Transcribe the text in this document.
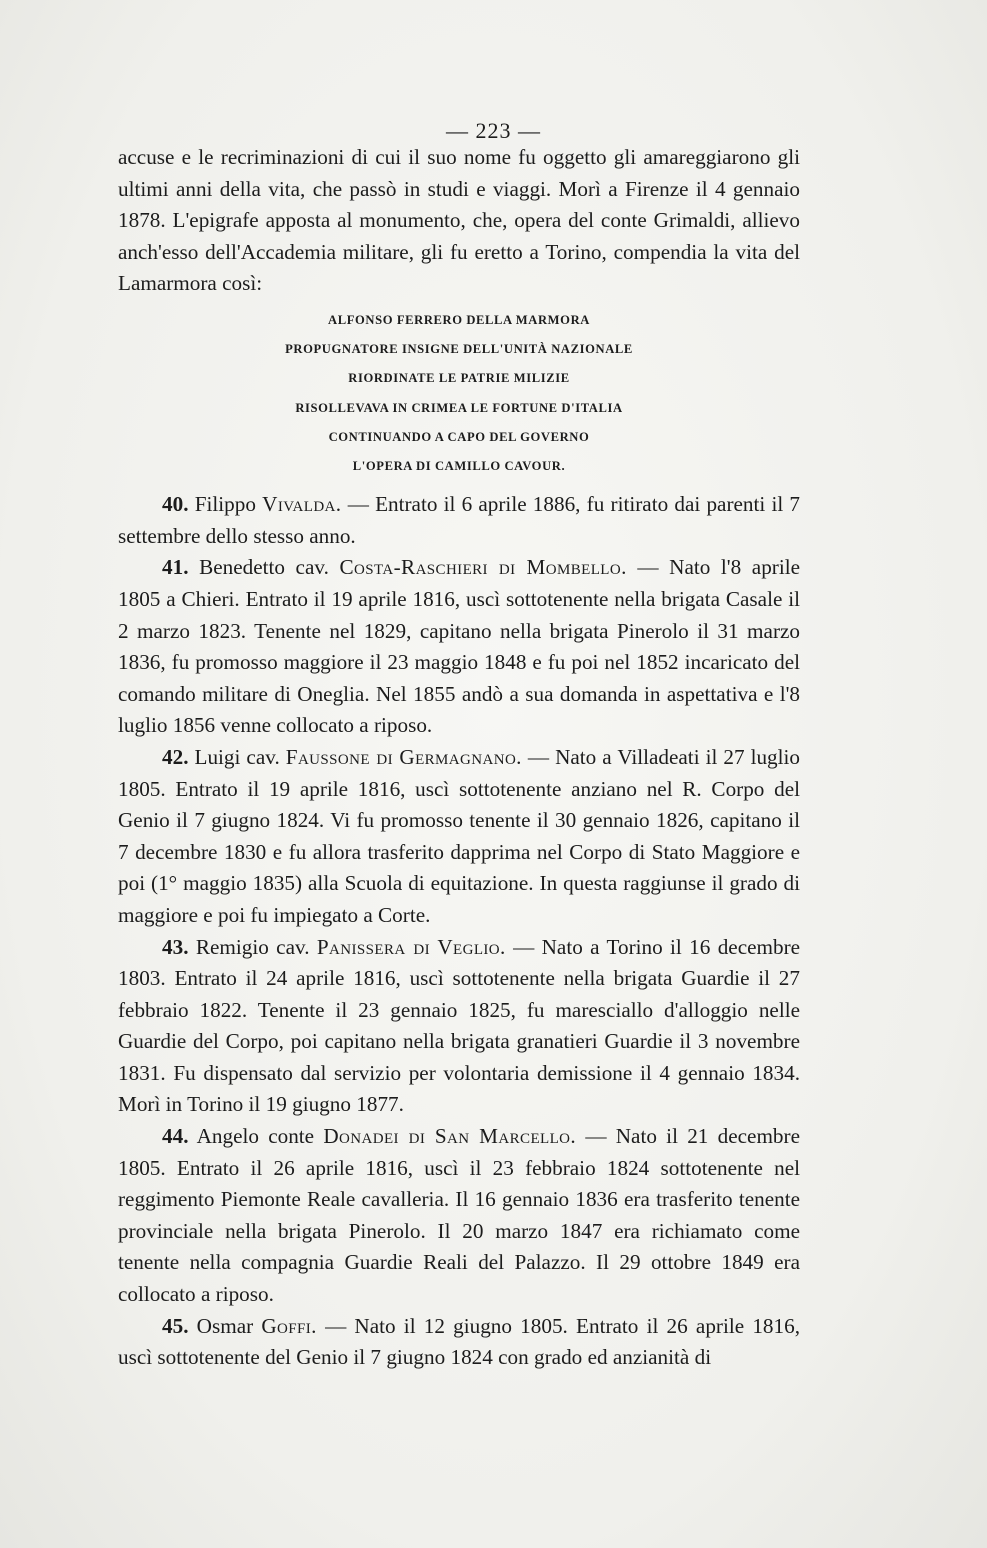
— 223 —

accuse e le recriminazioni di cui il suo nome fu oggetto gli amareggiarono gli ultimi anni della vita, che passò in studi e viaggi. Morì a Firenze il 4 gennaio 1878. L'epigrafe apposta al monumento, che, opera del conte Grimaldi, allievo anch'esso dell'Accademia militare, gli fu eretto a Torino, compendia la vita del Lamarmora così:

ALFONSO FERRERO DELLA MARMORA
PROPUGNATORE INSIGNE DELL'UNITÀ NAZIONALE
RIORDINATE LE PATRIE MILIZIE
RISOLLEVAVA IN CRIMEA LE FORTUNE D'ITALIA
CONTINUANDO A CAPO DEL GOVERNO
L'OPERA DI CAMILLO CAVOUR.

40. Filippo Vivalda. — Entrato il 6 aprile 1886, fu ritirato dai parenti il 7 settembre dello stesso anno.

41. Benedetto cav. Costa-Raschieri di Mombello. — Nato l'8 aprile 1805 a Chieri. Entrato il 19 aprile 1816, uscì sottotenente nella brigata Casale il 2 marzo 1823. Tenente nel 1829, capitano nella brigata Pinerolo il 31 marzo 1836, fu promosso maggiore il 23 maggio 1848 e fu poi nel 1852 incaricato del comando militare di Oneglia. Nel 1855 andò a sua domanda in aspettativa e l'8 luglio 1856 venne collocato a riposo.

42. Luigi cav. Faussone di Germagnano. — Nato a Villadeati il 27 luglio 1805. Entrato il 19 aprile 1816, uscì sottotenente anziano nel R. Corpo del Genio il 7 giugno 1824. Vi fu promosso tenente il 30 gennaio 1826, capitano il 7 decembre 1830 e fu allora trasferito dapprima nel Corpo di Stato Maggiore e poi (1° maggio 1835) alla Scuola di equitazione. In questa raggiunse il grado di maggiore e poi fu impiegato a Corte.

43. Remigio cav. Panissera di Veglio. — Nato a Torino il 16 decembre 1803. Entrato il 24 aprile 1816, uscì sottotenente nella brigata Guardie il 27 febbraio 1822. Tenente il 23 gennaio 1825, fu maresciallo d'alloggio nelle Guardie del Corpo, poi capitano nella brigata granatieri Guardie il 3 novembre 1831. Fu dispensato dal servizio per volontaria demissione il 4 gennaio 1834. Morì in Torino il 19 giugno 1877.

44. Angelo conte Donadei di San Marcello. — Nato il 21 decembre 1805. Entrato il 26 aprile 1816, uscì il 23 febbraio 1824 sottotenente nel reggimento Piemonte Reale cavalleria. Il 16 gennaio 1836 era trasferito tenente provinciale nella brigata Pinerolo. Il 20 marzo 1847 era richiamato come tenente nella compagnia Guardie Reali del Palazzo. Il 29 ottobre 1849 era collocato a riposo.

45. Osmar Goffi. — Nato il 12 giugno 1805. Entrato il 26 aprile 1816, uscì sottotenente del Genio il 7 giugno 1824 con grado ed anzianità di
